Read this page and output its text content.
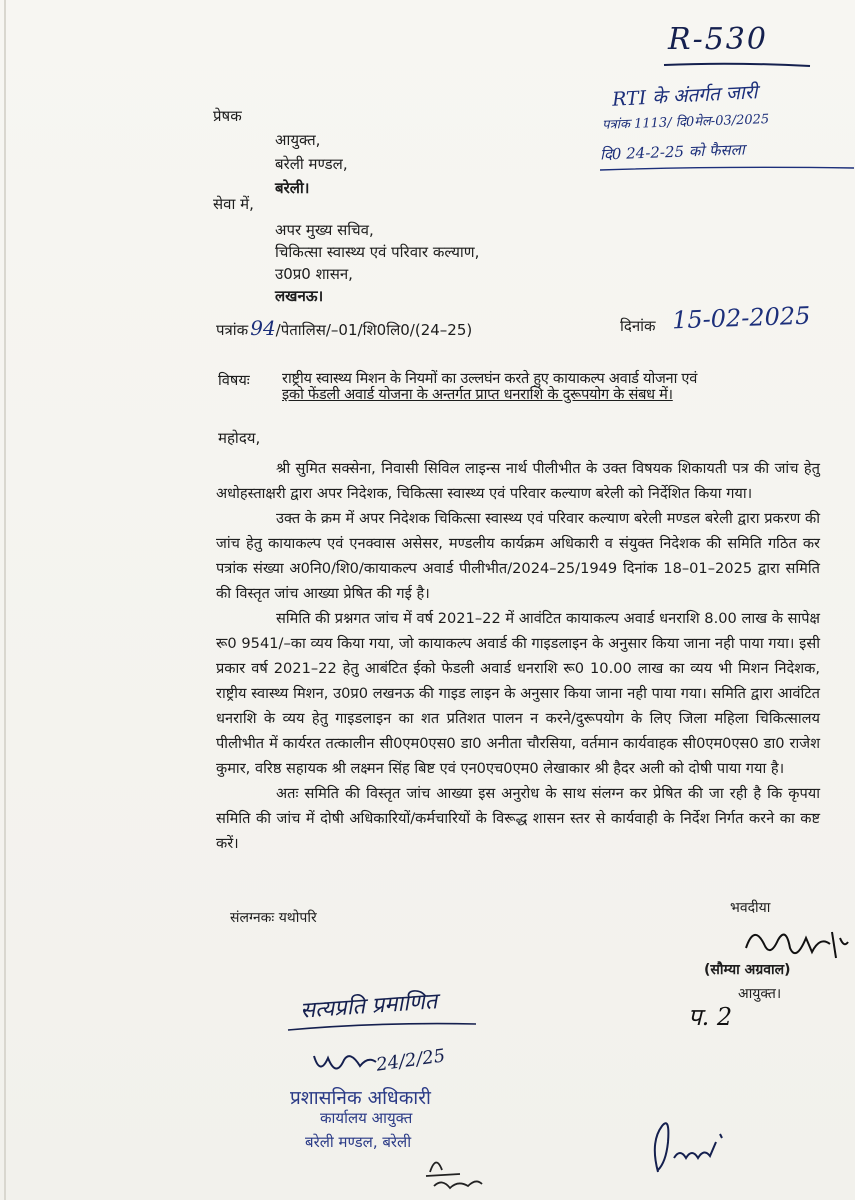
R-530
RTI के अंतर्गत जारी
पत्रांक 1113/ दि0मेल-03/2025
दि0 24-2-25 को फैसला
प्रेषक
आयुक्त,
बरेली मण्डल,
बरेली।
सेवा में,
अपर मुख्य सचिव,
चिकित्सा स्वास्थ्य एवं परिवार कल्याण,
उ0प्र0 शासन,
लखनऊ।
पत्रांक 94/पेतालिस/–01/शि0लि0/(24–25)	दिनांक 15-02-2025
विषयः राष्ट्रीय स्वास्थ्य मिशन के नियमों का उल्लघंन करते हुए कायाकल्प अवार्ड योजना एवं
इको फेंडली अवार्ड योजना के अन्तर्गत प्राप्त धनराशि के दुरूपयोग के संबध में।
महोदय,

श्री सुमित सक्सेना, निवासी सिविल लाइन्स नार्थ पीलीभीत के उक्त विषयक शिकायती पत्र की जांच हेतु अधोहस्ताक्षरी द्वारा अपर निदेशक, चिकित्सा स्वास्थ्य एवं परिवार कल्याण बरेली को निर्देशित किया गया।

उक्त के क्रम में अपर निदेशक चिकित्सा स्वास्थ्य एवं परिवार कल्याण बरेली मण्डल बरेली द्वारा प्रकरण की जांच हेतु कायाकल्प एवं एनक्वास असेसर, मण्डलीय कार्यक्रम अधिकारी व संयुक्त निदेशक की समिति गठित कर पत्रांक संख्या अ0नि0/शि0/कायाकल्प अवार्ड पीलीभीत/2024–25/1949 दिनांक 18–01–2025 द्वारा समिति की विस्तृत जांच आख्या प्रेषित की गई है।

समिति की प्रश्नगत जांच में वर्ष 2021–22 में आवंटित कायाकल्प अवार्ड धनराशि 8.00 लाख के सापेक्ष रू0 9541/–का व्यय किया गया, जो कायाकल्प अवार्ड की गाइडलाइन के अनुसार किया जाना नही पाया गया। इसी प्रकार वर्ष 2021–22 हेतु आबंटित ईको फेडली अवार्ड धनराशि रू0 10.00 लाख का व्यय भी मिशन निदेशक, राष्ट्रीय स्वास्थ्य मिशन, उ0प्र0 लखनऊ की गाइड लाइन के अनुसार किया जाना नही पाया गया। समिति द्वारा आवंटित धनराशि के व्यय हेतु गाइडलाइन का शत प्रतिशत पालन न करने/दुरूपयोग के लिए जिला महिला चिकित्सालय पीलीभीत में कार्यरत तत्कालीन सी0एम0एस0 डा0 अनीता चौरसिया, वर्तमान कार्यवाहक सी0एम0एस0 डा0 राजेश कुमार, वरिष्ठ सहायक श्री लक्ष्मन सिंह बिष्ट एवं एन0एच0एम0 लेखाकार श्री हैदर अली को दोषी पाया गया है।

अतः समिति की विस्तृत जांच आख्या इस अनुरोध के साथ संलग्न कर प्रेषित की जा रही है कि कृपया समिति की जांच में दोषी अधिकारियों/कर्मचारियों के विरूद्ध शासन स्तर से कार्यवाही के निर्देश निर्गत करने का कष्ट करें।

संलग्नकः यथोपरि
भवदीया
(सौम्या अग्रवाल)
आयुक्त।
प. 2
सत्यप्रति प्रमाणित
24/2/25
प्रशासनिक अधिकारी
कार्यालय आयुक्त
बरेली मण्डल, बरेली
